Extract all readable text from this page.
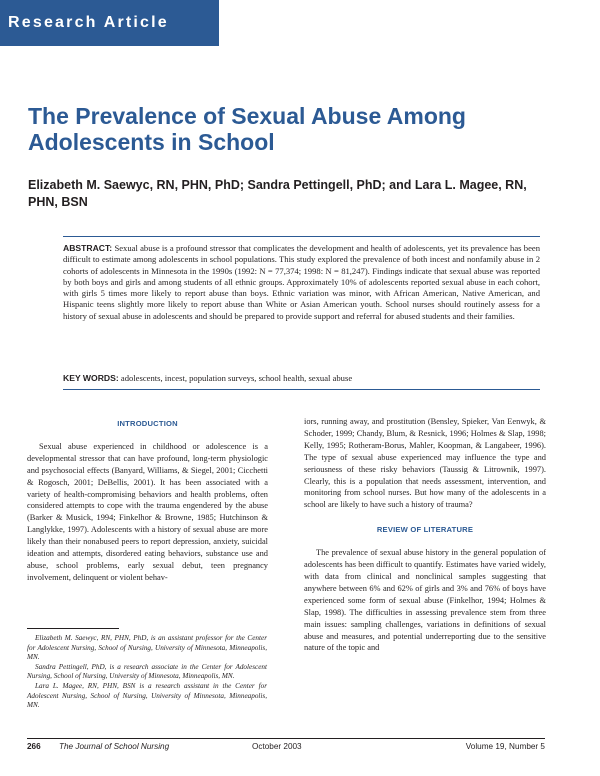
Research Article
The Prevalence of Sexual Abuse Among Adolescents in School

Elizabeth M. Saewyc, RN, PHN, PhD; Sandra Pettingell, PhD; and Lara L. Magee, RN, PHN, BSN

ABSTRACT: Sexual abuse is a profound stressor that complicates the development and health of adolescents, yet its prevalence has been difficult to estimate among adolescents in school populations. This study explored the prevalence of both incest and nonfamily abuse in 2 cohorts of adolescents in Minnesota in the 1990s (1992: N = 77,374; 1998: N = 81,247). Findings indicate that sexual abuse was reported by both boys and girls and among students of all ethnic groups. Approximately 10% of adolescents reported sexual abuse in each cohort, with girls 5 times more likely to report abuse than boys. Ethnic variation was minor, with African American, Native American, and Hispanic teens slightly more likely to report abuse than White or Asian American youth. School nurses should routinely assess for a history of sexual abuse in adolescents and should be prepared to provide support and referral for abused students and their families.

KEY WORDS: adolescents, incest, population surveys, school health, sexual abuse

INTRODUCTION

Sexual abuse experienced in childhood or adolescence is a developmental stressor that can have profound, long-term physiologic and psychosocial effects (Banyard, Williams, & Siegel, 2001; Cicchetti & Rogosch, 2001; DeBellis, 2001). It has been associated with a variety of health-compromising behaviors and health problems, often considered attempts to cope with the trauma engendered by the abuse (Barker & Musick, 1994; Finkelhor & Browne, 1985; Hutchinson & Langlykke, 1997). Adolescents with a history of sexual abuse are more likely than their nonabused peers to report depression, anxiety, suicidal ideation and attempts, disordered eating behaviors, substance use and abuse, school problems, early sexual debut, teen pregnancy involvement, delinquent or violent behav-

iors, running away, and prostitution (Bensley, Spieker, Van Eenwyk, & Schoder, 1999; Chandy, Blum, & Resnick, 1996; Holmes & Slap, 1998; Kelly, 1995; Rotheram-Borus, Mahler, Koopman, & Langabeer, 1996). The type of sexual abuse experienced may influence the type and seriousness of these risky behaviors (Taussig & Litrownik, 1997). Clearly, this is a population that needs assessment, intervention, and monitoring from school nurses. But how many of the adolescents in a school are likely to have such a history of trauma?

REVIEW OF LITERATURE

The prevalence of sexual abuse history in the general population of adolescents has been difficult to quantify. Estimates have varied widely, with data from clinical and nonclinical samples suggesting that anywhere between 6% and 62% of girls and 3% and 76% of boys have experienced some form of sexual abuse (Finkelhor, 1994; Holmes & Slap, 1998). The difficulties in assessing prevalence stem from three main issues: sampling challenges, variations in definitions of sexual abuse and measures, and potential underreporting due to the sensitive nature of the topic and

Elizabeth M. Saewyc, RN, PHN, PhD, is an assistant professor for the Center for Adolescent Nursing, School of Nursing, University of Minnesota, Minneapolis, MN.

Sandra Pettingell, PhD, is a research associate in the Center for Adolescent Nursing, School of Nursing, University of Minnesota, Minneapolis, MN.

Lara L. Magee, RN, PHN, BSN is a research assistant in the Center for Adolescent Nursing, School of Nursing, University of Minnesota, Minneapolis, MN.

266 The Journal of School Nursing	October 2003	Volume 19, Number 5
